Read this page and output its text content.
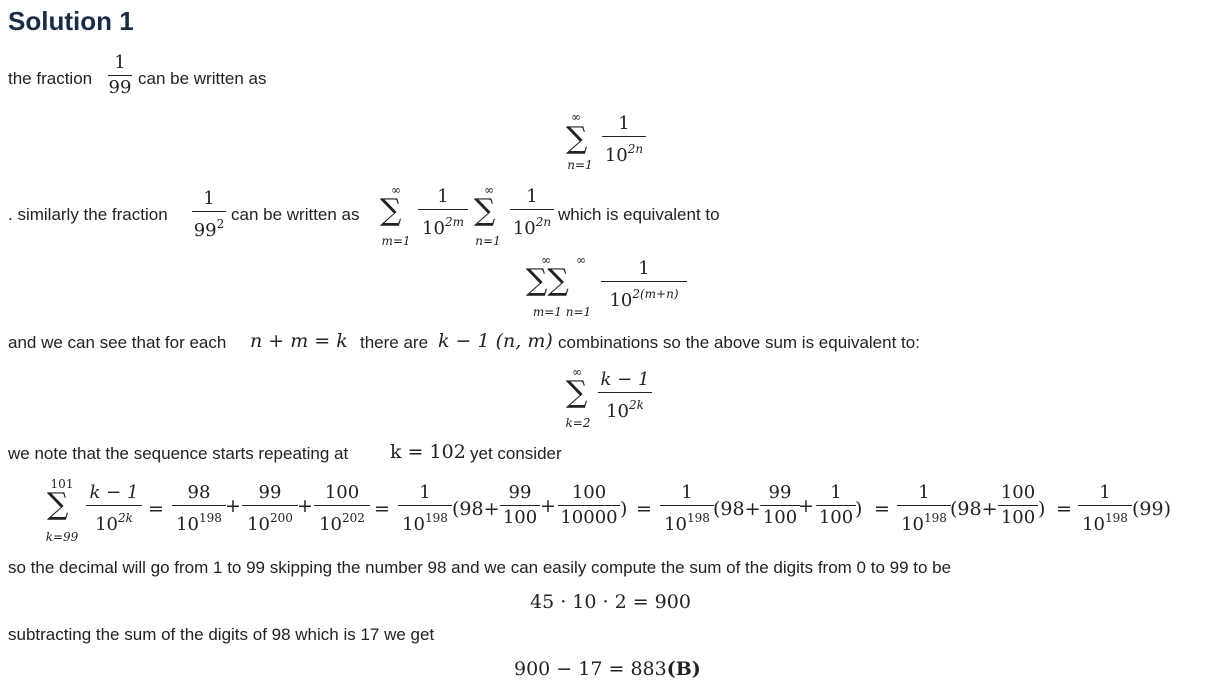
Solution 1
the fraction
1
99 can be written as
∞
∑
n=1
1
$10^{2n}$
. similarly the fraction
1
$99^2$ can be written as
∞
∑
m=1
1
$10^{2m}$
∞
∑
n=1
1
$10^{2n}$ which is equivalent to
∞	∞
∑∑
m=1 n=1
1
$10^{2(m+n)}$
and we can see that for each n + m = k there are k − 1 (n, m) combinations so the above sum is equivalent to:
∞
∑
k=2
k − 1
$10^{2k}$
we note that the sequence starts repeating at k = 102 yet consider
101
∑
k=99
k − 1
$10^{2k}$ =
98
$10^{198}$
+
99
$10^{200}$
+
100
$10^{202}$ =
1
$10^{198}$ (98+
99
100
+
100
10000 ) =
1
$10^{198}$ (98+
99
100
+
1
100 ) =
1
$10^{198}$ (98+
100
100 ) =
1
$10^{198}$ (99)
so the decimal will go from 1 to 99 skipping the number 98 and we can easily compute the sum of the digits from 0 to 99 to be
45 · 10 · 2 = 900
subtracting the sum of the digits of 98 which is 17 we get
900 − 17 = 883(B)
